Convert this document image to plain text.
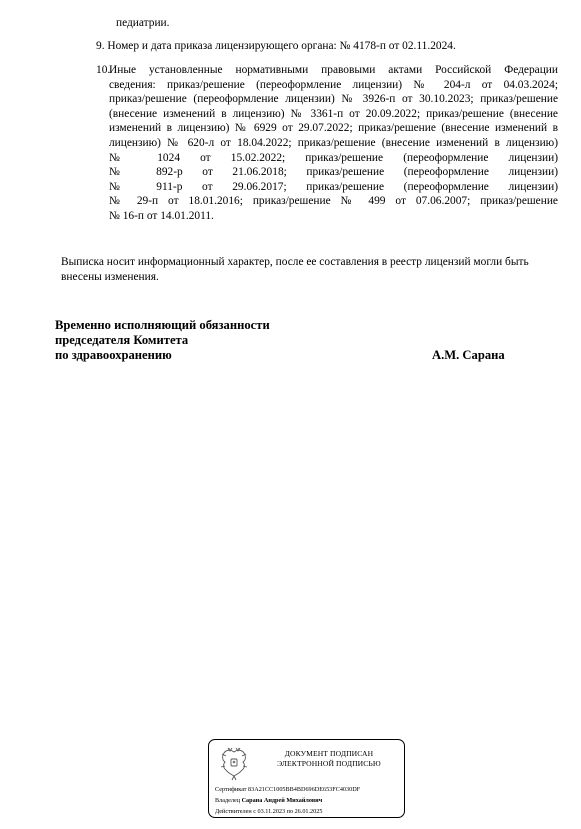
педиатрии.
9. Номер и дата приказа лицензирующего органа: № 4178-п от 02.11.2024.
10.
Иные установленные нормативными правовыми актами Российской Федерации
сведения: приказ/решение (переоформление лицензии) № 204-л от 04.03.2024;
приказ/решение (переоформление лицензии) № 3926-п от 30.10.2023; приказ/решение
(внесение изменений в лицензию) № 3361-п от 20.09.2022; приказ/решение (внесение
изменений в лицензию) № 6929 от 29.07.2022; приказ/решение (внесение изменений в
лицензию) № 620-л от 18.04.2022; приказ/решение (внесение изменений в лицензию)
№ 1024 от 15.02.2022; приказ/решение (переоформление лицензии)
№ 892-р от 21.06.2018; приказ/решение (переоформление лицензии)
№ 911-р от 29.06.2017; приказ/решение (переоформление лицензии)
№ 29-п от 18.01.2016; приказ/решение № 499 от 07.06.2007; приказ/решение
№ 16-п от 14.01.2011.
Выписка носит информационный характер, после ее составления в реестр лицензий могли быть
внесены изменения.
Временно исполняющий обязанности
председателя Комитета
по здравоохранению	А.М. Сарана
ДОКУМЕНТ ПОДПИСАН
ЭЛЕКТРОННОЙ ПОДПИСЬЮ
Сертификат 83A21CC1005BB4BD696DE653FC4030DF
Владелец Сарана Андрей Михайлович
Действителен с 03.11.2023 по 26.01.2025
